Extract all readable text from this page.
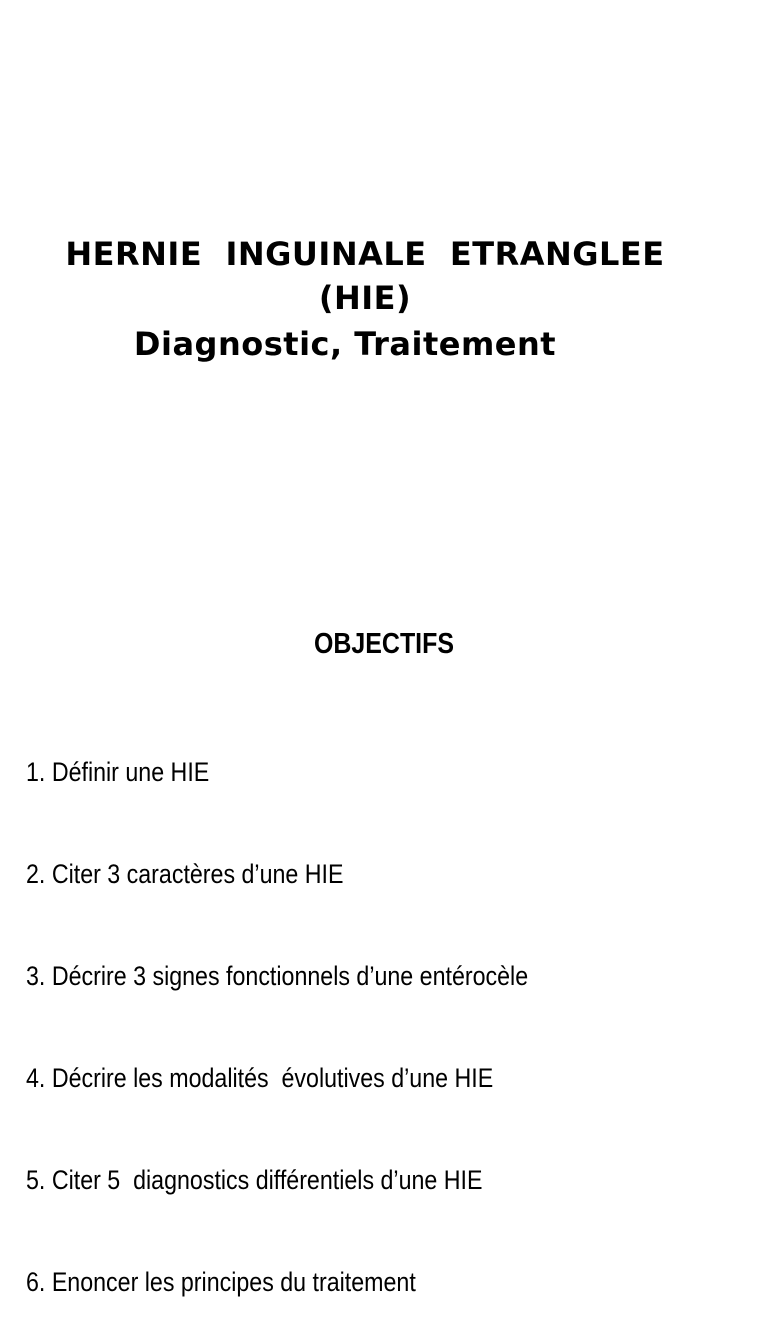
HERNIE  INGUINALE  ETRANGLEE
(HIE)
Diagnostic, Traitement
OBJECTIFS

1. Définir une HIE

2. Citer 3 caractères d’une HIE

3. Décrire 3 signes fonctionnels d’une entérocèle

4. Décrire les modalités  évolutives d’une HIE

5. Citer 5  diagnostics différentiels d’une HIE

6. Enoncer les principes du traitement
